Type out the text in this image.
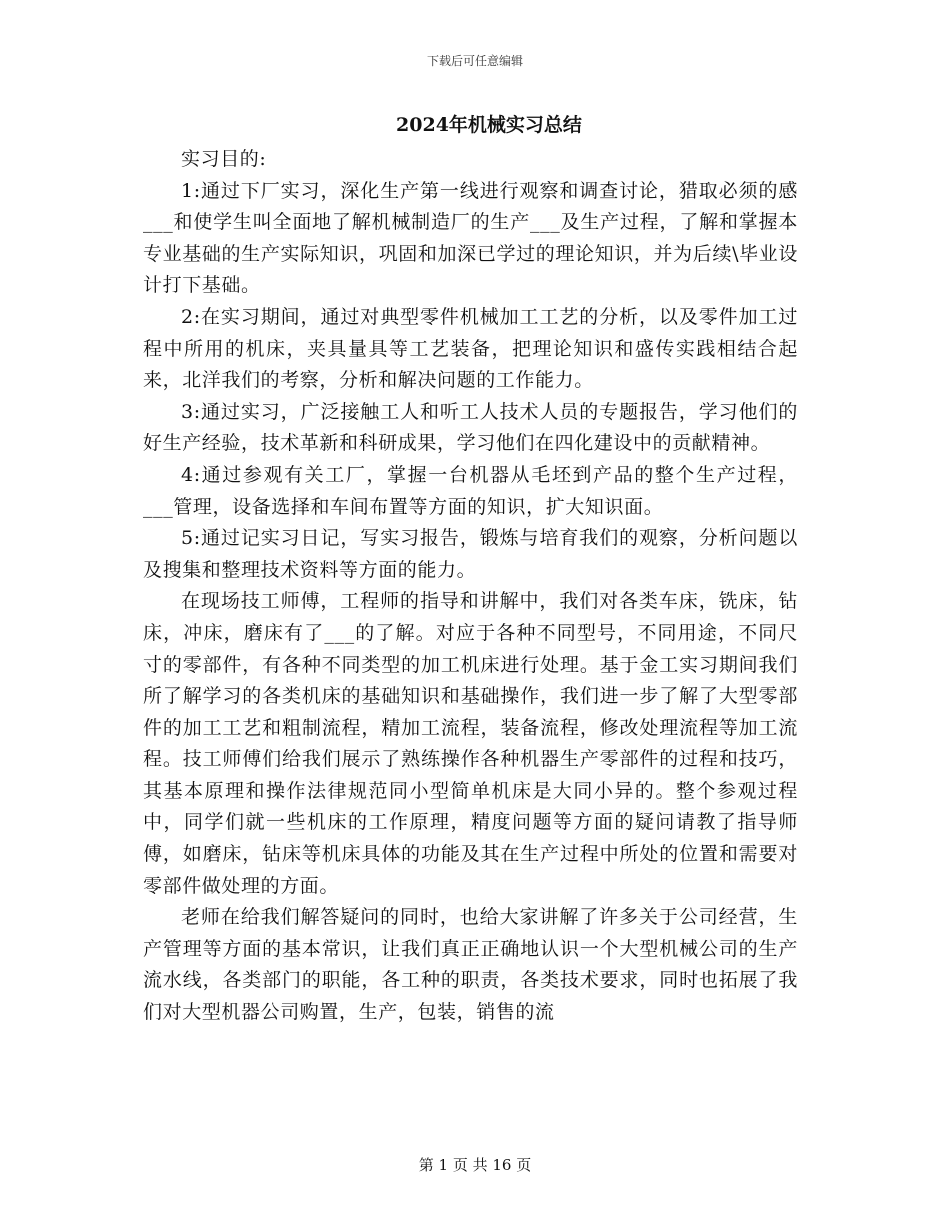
下载后可任意编辑
2024年机械实习总结

实习目的:

1:通过下厂实习，深化生产第一线进行观察和调查讨论，猎取必须的感___和使学生叫全面地了解机械制造厂的生产___及生产过程，了解和掌握本专业基础的生产实际知识，巩固和加深已学过的理论知识，并为后续\毕业设计打下基础。

2:在实习期间，通过对典型零件机械加工工艺的分析，以及零件加工过程中所用的机床，夹具量具等工艺装备，把理论知识和盛传实践相结合起来，北洋我们的考察，分析和解决问题的工作能力。

3:通过实习，广泛接触工人和听工人技术人员的专题报告，学习他们的好生产经验，技术革新和科研成果，学习他们在四化建设中的贡献精神。

4:通过参观有关工厂，掌握一台机器从毛坯到产品的整个生产过程，___管理，设备选择和车间布置等方面的知识，扩大知识面。

5:通过记实习日记，写实习报告，锻炼与培育我们的观察，分析问题以及搜集和整理技术资料等方面的能力。

在现场技工师傅，工程师的指导和讲解中，我们对各类车床，铣床，钻床，冲床，磨床有了___的了解。对应于各种不同型号，不同用途，不同尺寸的零部件，有各种不同类型的加工机床进行处理。基于金工实习期间我们所了解学习的各类机床的基础知识和基础操作，我们进一步了解了大型零部件的加工工艺和粗制流程，精加工流程，装备流程，修改处理流程等加工流程。技工师傅们给我们展示了熟练操作各种机器生产零部件的过程和技巧，其基本原理和操作法律规范同小型简单机床是大同小异的。整个参观过程中，同学们就一些机床的工作原理，精度问题等方面的疑问请教了指导师傅，如磨床，钻床等机床具体的功能及其在生产过程中所处的位置和需要对零部件做处理的方面。

老师在给我们解答疑问的同时，也给大家讲解了许多关于公司经营，生产管理等方面的基本常识，让我们真正正确地认识一个大型机械公司的生产流水线，各类部门的职能，各工种的职责，各类技术要求，同时也拓展了我们对大型机器公司购置，生产，包装，销售的流

第 1 页 共 16 页
